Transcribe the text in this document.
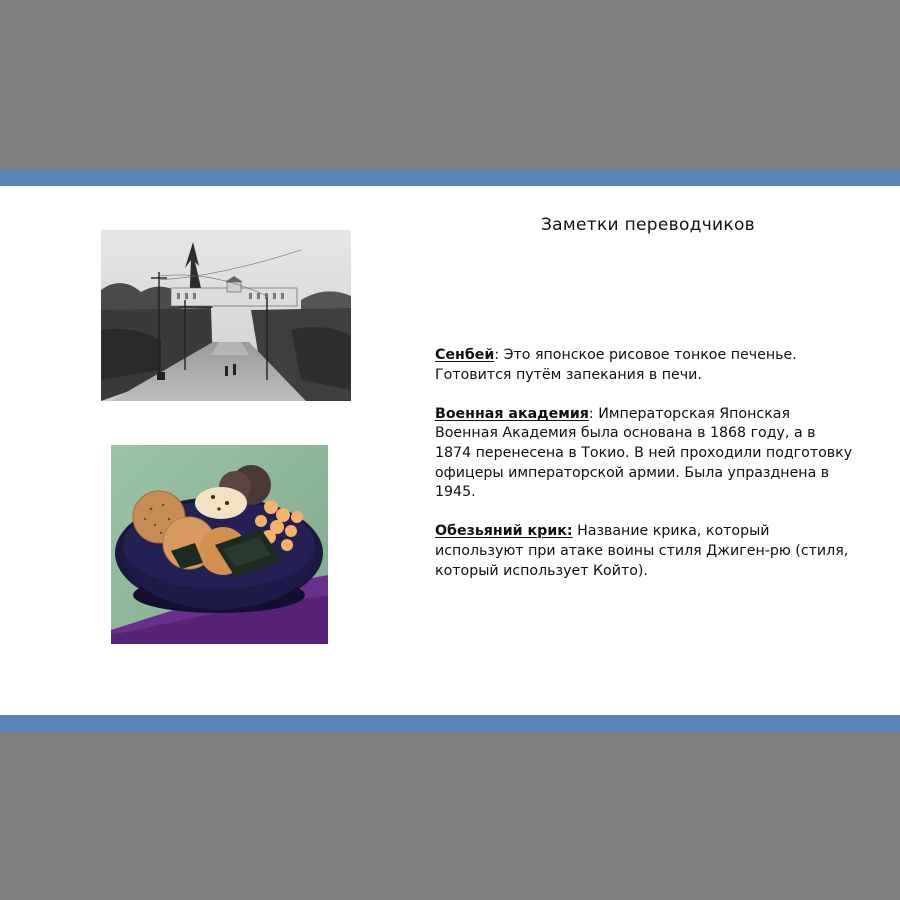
Заметки переводчиков

Сенбей: Это японское рисовое тонкое печенье. Готовится путём запекания в печи.

Военная академия: Императорская Японская Военная Академия была основана в 1868 году, а в 1874 перенесена в Токио. В ней проходили подготовку офицеры императорской армии. Была упразднена в 1945.

Обезьяний крик: Название крика, который используют при атаке воины стиля Джиген-рю (стиля, который использует Който).
